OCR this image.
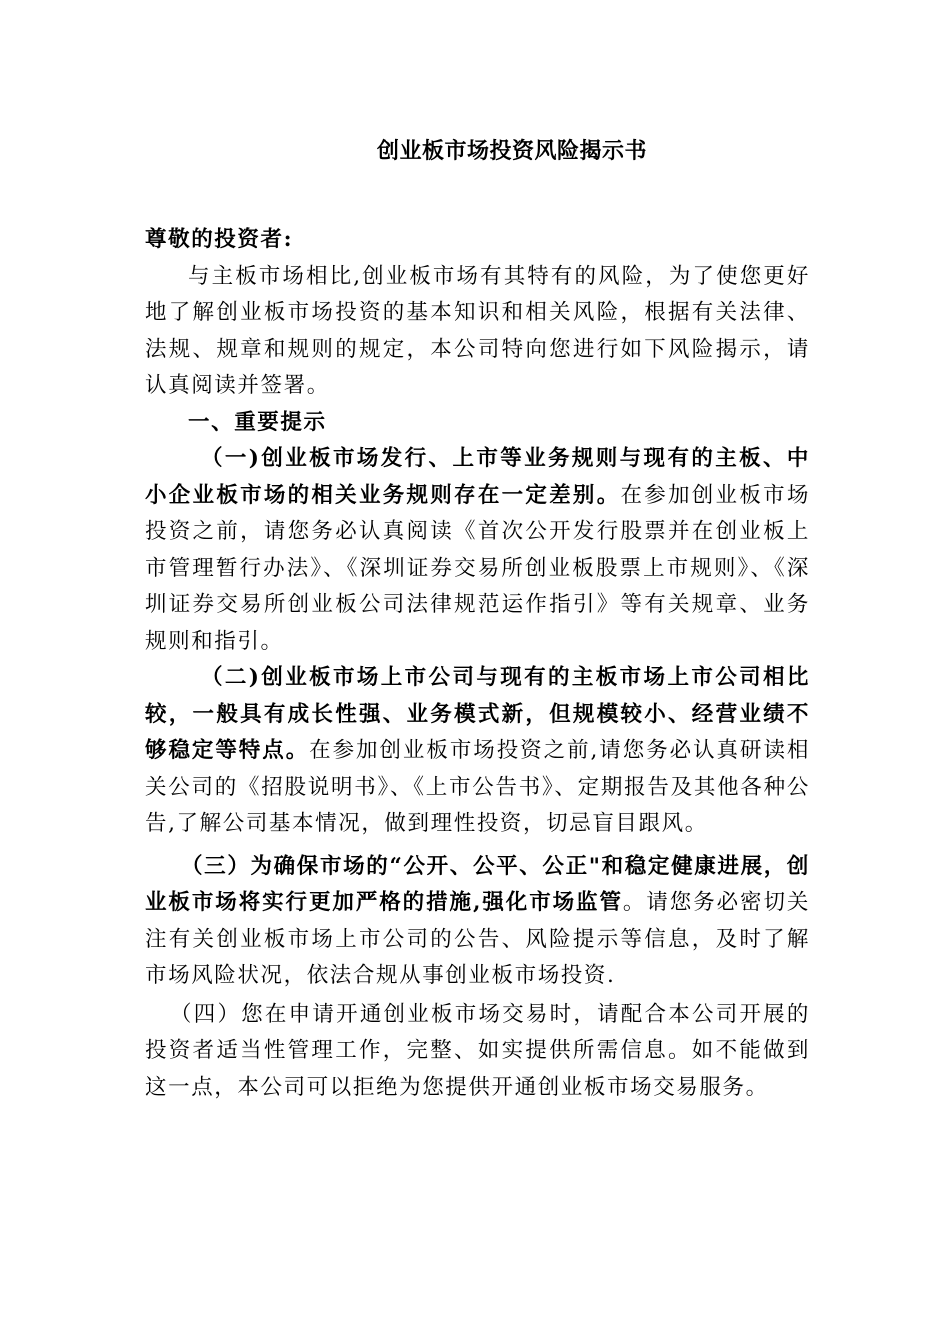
创业板市场投资风险揭示书

尊敬的投资者:

与主板市场相比,创业板市场有其特有的风险，为了使您更好地了解创业板市场投资的基本知识和相关风险，根据有关法律、法规、规章和规则的规定，本公司特向您进行如下风险揭示，请认真阅读并签署。

一、重要提示

（一)创业板市场发行、上市等业务规则与现有的主板、中小企业板市场的相关业务规则存在一定差别。在参加创业板市场投资之前，请您务必认真阅读《首次公开发行股票并在创业板上市管理暂行办法》、《深圳证券交易所创业板股票上市规则》、《深圳证券交易所创业板公司法律规范运作指引》等有关规章、业务规则和指引。

（二)创业板市场上市公司与现有的主板市场上市公司相比较，一般具有成长性强、业务模式新，但规模较小、经营业绩不够稳定等特点。在参加创业板市场投资之前,请您务必认真研读相关公司的《招股说明书》、《上市公告书》、定期报告及其他各种公告,了解公司基本情况，做到理性投资，切忌盲目跟风。

（三）为确保市场的“公开、公平、公正"和稳定健康进展，创业板市场将实行更加严格的措施,强化市场监管。请您务必密切关注有关创业板市场上市公司的公告、风险提示等信息，及时了解市场风险状况，依法合规从事创业板市场投资.

（四）您在申请开通创业板市场交易时，请配合本公司开展的投资者适当性管理工作，完整、如实提供所需信息。如不能做到这一点，本公司可以拒绝为您提供开通创业板市场交易服务。
